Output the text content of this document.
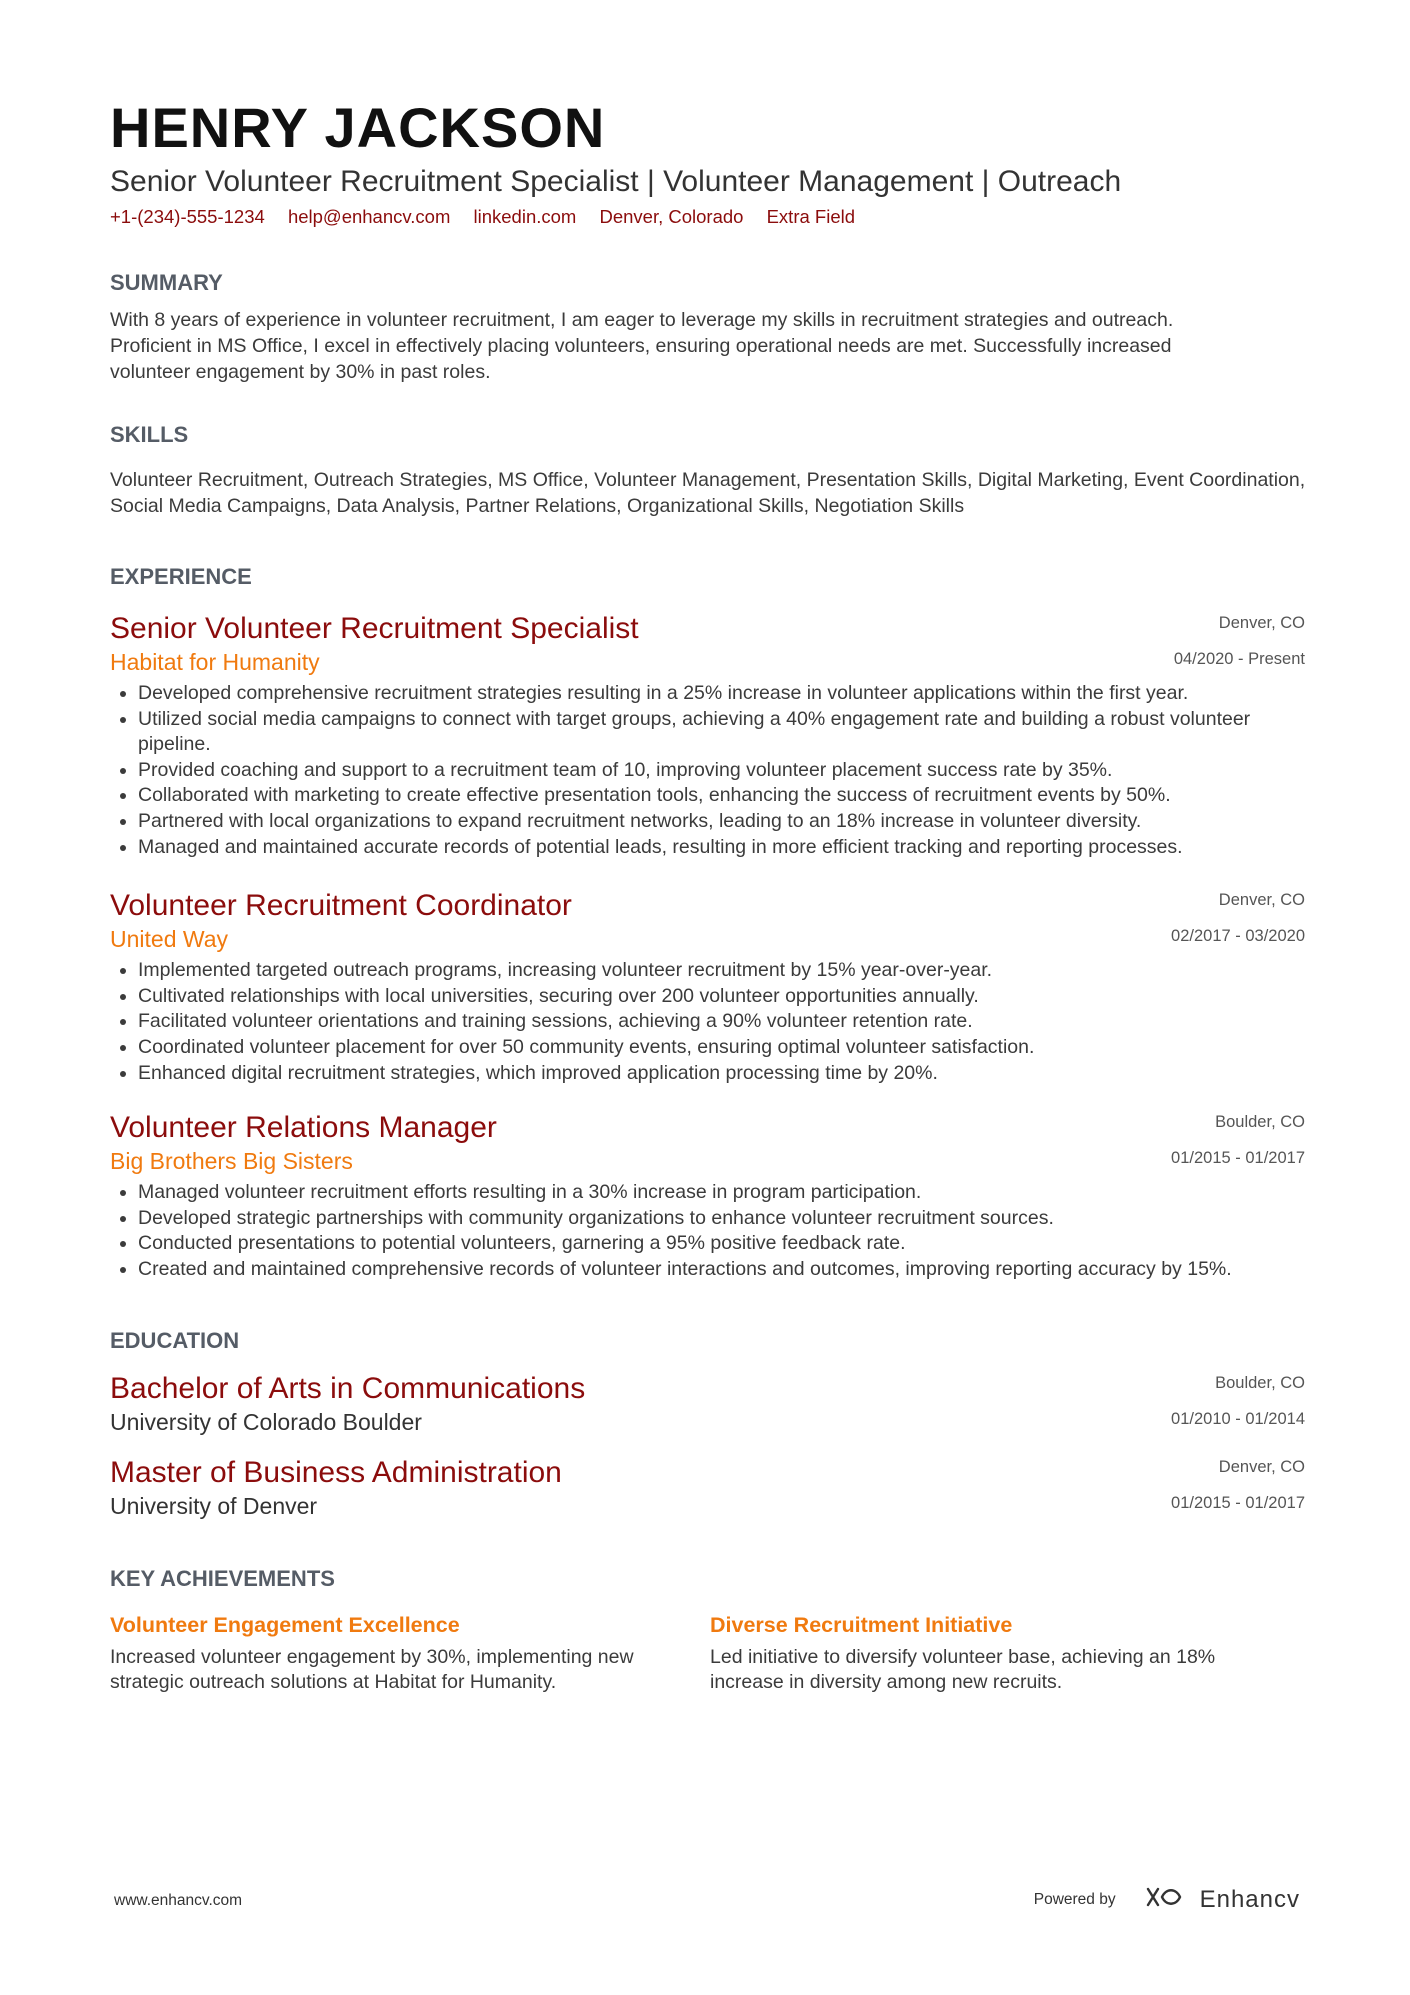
HENRY JACKSON
Senior Volunteer Recruitment Specialist | Volunteer Management | Outreach
+1-(234)-555-1234 help@enhancv.com linkedin.com Denver, Colorado Extra Field
SUMMARY
With 8 years of experience in volunteer recruitment, I am eager to leverage my skills in recruitment strategies and outreach. Proficient in MS Office, I excel in effectively placing volunteers, ensuring operational needs are met. Successfully increased volunteer engagement by 30% in past roles.
SKILLS
Volunteer Recruitment, Outreach Strategies, MS Office, Volunteer Management, Presentation Skills, Digital Marketing, Event Coordination, Social Media Campaigns, Data Analysis, Partner Relations, Organizational Skills, Negotiation Skills
EXPERIENCE
Senior Volunteer Recruitment Specialist
Habitat for Humanity
Denver, CO
04/2020 - Present
• Developed comprehensive recruitment strategies resulting in a 25% increase in volunteer applications within the first year.
• Utilized social media campaigns to connect with target groups, achieving a 40% engagement rate and building a robust volunteer pipeline.
• Provided coaching and support to a recruitment team of 10, improving volunteer placement success rate by 35%.
• Collaborated with marketing to create effective presentation tools, enhancing the success of recruitment events by 50%.
• Partnered with local organizations to expand recruitment networks, leading to an 18% increase in volunteer diversity.
• Managed and maintained accurate records of potential leads, resulting in more efficient tracking and reporting processes.
Volunteer Recruitment Coordinator
United Way
Denver, CO
02/2017 - 03/2020
• Implemented targeted outreach programs, increasing volunteer recruitment by 15% year-over-year.
• Cultivated relationships with local universities, securing over 200 volunteer opportunities annually.
• Facilitated volunteer orientations and training sessions, achieving a 90% volunteer retention rate.
• Coordinated volunteer placement for over 50 community events, ensuring optimal volunteer satisfaction.
• Enhanced digital recruitment strategies, which improved application processing time by 20%.
Volunteer Relations Manager
Big Brothers Big Sisters
Boulder, CO
01/2015 - 01/2017
• Managed volunteer recruitment efforts resulting in a 30% increase in program participation.
• Developed strategic partnerships with community organizations to enhance volunteer recruitment sources.
• Conducted presentations to potential volunteers, garnering a 95% positive feedback rate.
• Created and maintained comprehensive records of volunteer interactions and outcomes, improving reporting accuracy by 15%.
EDUCATION
Bachelor of Arts in Communications
University of Colorado Boulder
Boulder, CO
01/2010 - 01/2014
Master of Business Administration
University of Denver
Denver, CO
01/2015 - 01/2017
KEY ACHIEVEMENTS
Volunteer Engagement Excellence
Increased volunteer engagement by 30%, implementing new strategic outreach solutions at Habitat for Humanity.
Diverse Recruitment Initiative
Led initiative to diversify volunteer base, achieving an 18% increase in diversity among new recruits.
www.enhancv.com	Powered by	Enhancv
